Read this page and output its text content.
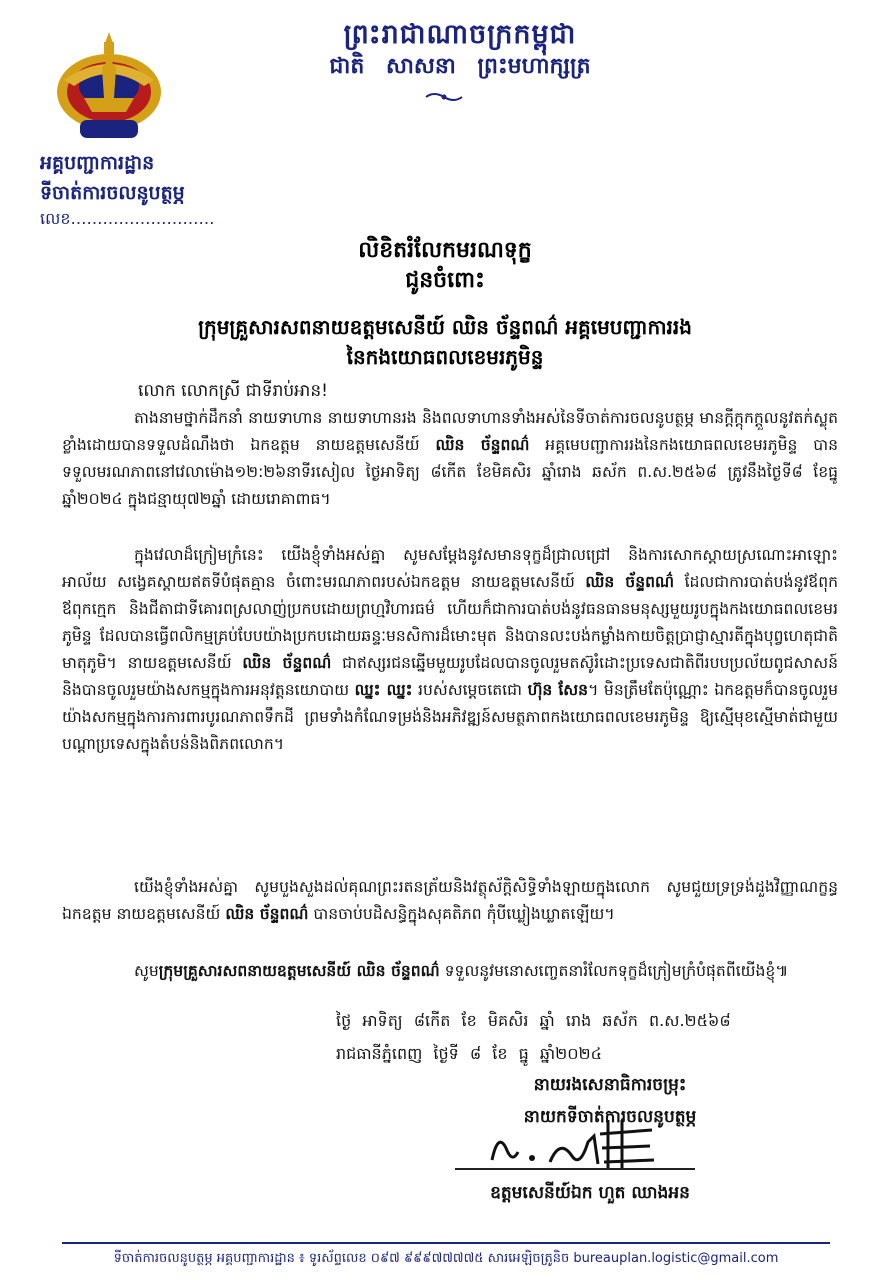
ព្រះរាជាណាចក្រកម្ពុជា
ជាតិ សាសនា ព្រះមហាក្សត្រ
អគ្គបញ្ជាការដ្ឋាន
ទីចាត់ការចលនូបត្ថម្ភ
លេខ………………………
លិខិតរំលែកមរណទុក្ខ
ជូនចំពោះ
ក្រុមគ្រួសារសពនាយឧត្តមសេនីយ៍ ឈិន ច័ន្ទពណ៌ អគ្គមេបញ្ជាការរង
នៃកងយោធពលខេមរភូមិន្ទ
លោក លោកស្រី ជាទីរាប់អាន!
តាងនាមថ្នាក់ដឹកនាំ នាយទាហាន នាយទាហានរង និងពលទាហានទាំងអស់នៃទីចាត់ការចលនូបត្ថម្ភ មានក្ដីក្ដុកក្ដួលនូវតក់ស្លុតខ្លាំងដោយបានទទួលដំណឹងថា ឯកឧត្ដម នាយឧត្ដមសេនីយ៍ ឈិន ច័ន្ទពណ៌ អគ្គមេបញ្ជាការរងនៃកងយោធពលខេមរភូមិន្ទ បានទទួលមរណភាពនៅវេលាម៉ោង១២:២៦នាទីរសៀល ថ្ងៃអាទិត្យ ៨កើត ខែមិគសិរ ឆ្នាំរោង ឆស័ក ព.ស.២៥៦៨ ត្រូវនឹងថ្ងៃទី៨ ខែធ្នូ ឆ្នាំ២០២៤ ក្នុងជន្មាយុ៧២ឆ្នាំ ដោយរោគាពាធ។
ក្នុងវេលាដ៏ក្រៀមក្រំនេះ យើងខ្ញុំទាំងអស់គ្នា សូមសម្ដែងនូវសមានទុក្ខដ៏ជ្រាលជ្រៅ និងការសោកស្ដាយស្រណោះអាឡោះអាល័យ សង្វេគស្ដាយឥតទីបំផុតគ្មាន ចំពោះមរណភាពរបស់ឯកឧត្ដម នាយឧត្ដមសេនីយ៍ ឈិន ច័ន្ទពណ៌ ដែលជាការបាត់បង់នូវឪពុក ឪពុកក្មេក និងជីតាជាទីគោរពស្រលាញ់ប្រកបដោយព្រហ្មវិហារធម៌ ហើយក៏ជាការបាត់បង់នូវធនធានមនុស្សមួយរូបក្នុងកងយោធពលខេមរភូមិន្ទ ដែលបានធ្វើពលិកម្មគ្រប់បែបយ៉ាងប្រកបដោយឆន្ទៈមនសិការដ៏មោះមុត និងបានលះបង់កម្លាំងកាយចិត្តប្រាជ្ញាស្មារតីក្នុងបុព្វហេតុជាតិ មាតុភូមិ។ នាយឧត្ដមសេនីយ៍ ឈិន ច័ន្ទពណ៌ ជាឥស្សរជនឆ្នើមមួយរូបដែលបានចូលរួមតស៊ូរំដោះប្រទេសជាតិពីរបបប្រល័យពូជសាសន៍ និងបានចូលរួមយ៉ាងសកម្មក្នុងការអនុវត្តនយោបាយ ឈ្នះ ឈ្នះ របស់សម្ដេចតេជោ ហ៊ុន សែន។ មិនត្រឹមតែប៉ុណ្ណោះ ឯកឧត្ដមក៏បានចូលរួមយ៉ាងសកម្មក្នុងការការពារបូរណភាពទឹកដី ព្រមទាំងកំណែទម្រង់និងអភិវឌ្ឍន៍សមត្ថភាពកងយោធពលខេមរភូមិន្ទ ឱ្យស្មើមុខស្មើមាត់ជាមួយបណ្ដាប្រទេសក្នុងតំបន់និងពិភពលោក។
យើងខ្ញុំទាំងអស់គ្នា សូមបួងសួងដល់គុណព្រះរតនត្រ័យនិងវត្ថុស័ក្ដិសិទ្ធិទាំងឡាយក្នុងលោក សូមជួយទ្រទ្រង់ដួងវិញ្ញាណក្ខន្ធឯកឧត្ដម នាយឧត្ដមសេនីយ៍ ឈិន ច័ន្ទពណ៌ បានចាប់បដិសន្ធិក្នុងសុគតិភព កុំបីឃ្លៀងឃ្លាតឡើយ។
សូមក្រុមគ្រួសារសពនាយឧត្ដមសេនីយ៍ ឈិន ច័ន្ទពណ៌ ទទួលនូវមនោសញ្ចេតនារំលែកទុក្ខដ៏ក្រៀមក្រំបំផុតពីយើងខ្ញុំ៕
ថ្ងៃ អាទិត្យ ៨កើត ខែ មិគសិរ ឆ្នាំ រោង ឆស័ក ព.ស.២៥៦៨
រាជធានីភ្នំពេញ ថ្ងៃទី ៨ ខែ ធ្នូ ឆ្នាំ២០២៤
នាយរងសេនាធិការចម្រុះ
នាយកទីចាត់ការចលនូបត្ថម្ភ
ឧត្ដមសេនីយ៍ឯក ហួត ឈាងអន
ទីចាត់ការចលនូបត្ថម្ភ អគ្គបញ្ជាការដ្ឋាន ៖ ទូរស័ព្ទលេខ ០៩៧ ៩៩៩៧៧៧៧៥ សារអេឡិចត្រូនិច bureauplan.logistic@gmail.com
